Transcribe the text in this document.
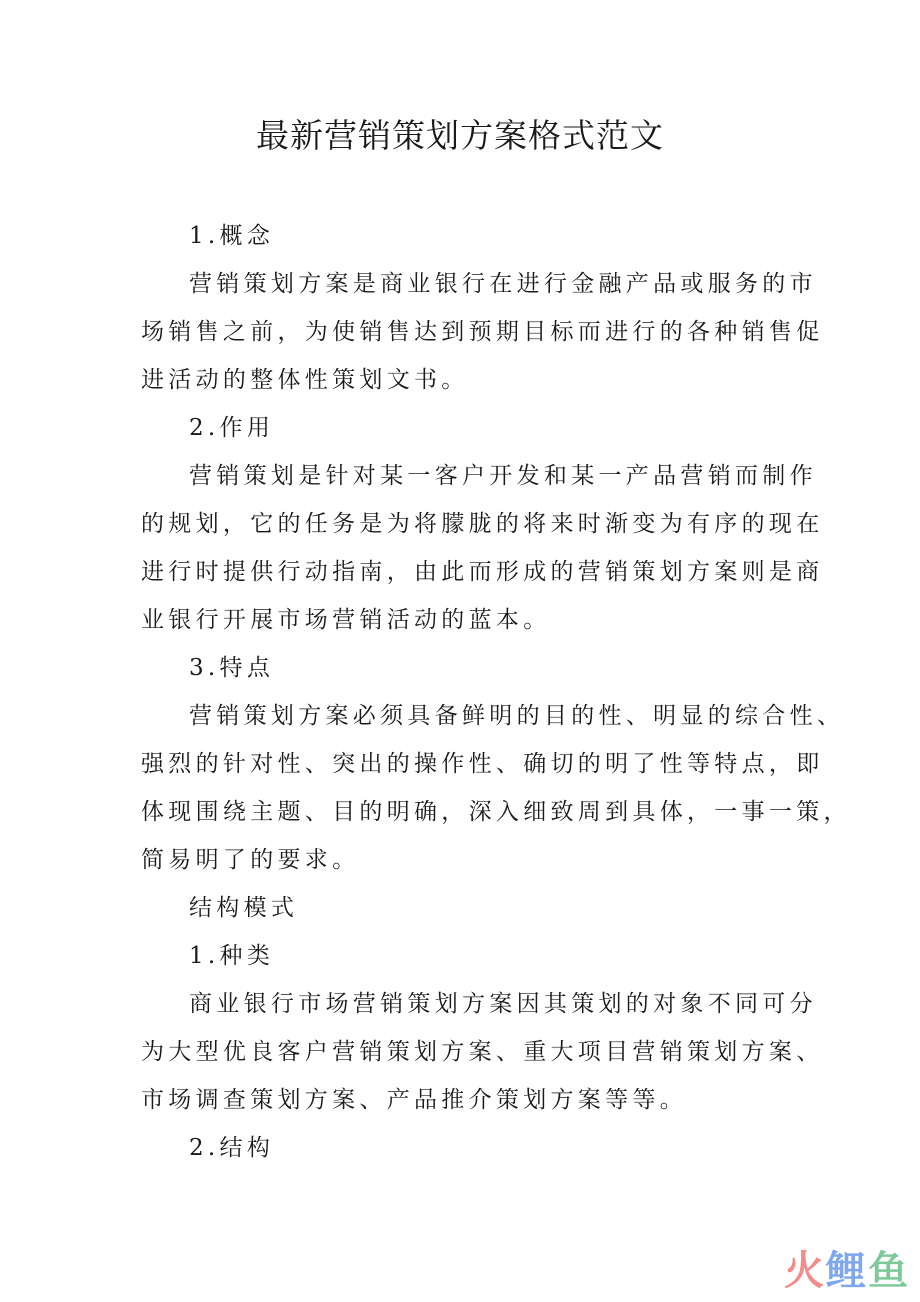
最新营销策划方案格式范文
1.概念
营销策划方案是商业银行在进行金融产品或服务的市
场销售之前，为使销售达到预期目标而进行的各种销售促
进活动的整体性策划文书。
2.作用
营销策划是针对某一客户开发和某一产品营销而制作
的规划，它的任务是为将朦胧的将来时渐变为有序的现在
进行时提供行动指南，由此而形成的营销策划方案则是商
业银行开展市场营销活动的蓝本。
3.特点
营销策划方案必须具备鲜明的目的性、明显的综合性、
强烈的针对性、突出的操作性、确切的明了性等特点，即
体现围绕主题、目的明确，深入细致周到具体，一事一策，
简易明了的要求。
结构模式
1.种类
商业银行市场营销策划方案因其策划的对象不同可分
为大型优良客户营销策划方案、重大项目营销策划方案、
市场调查策划方案、产品推介策划方案等等。
2.结构
火鲤鱼
